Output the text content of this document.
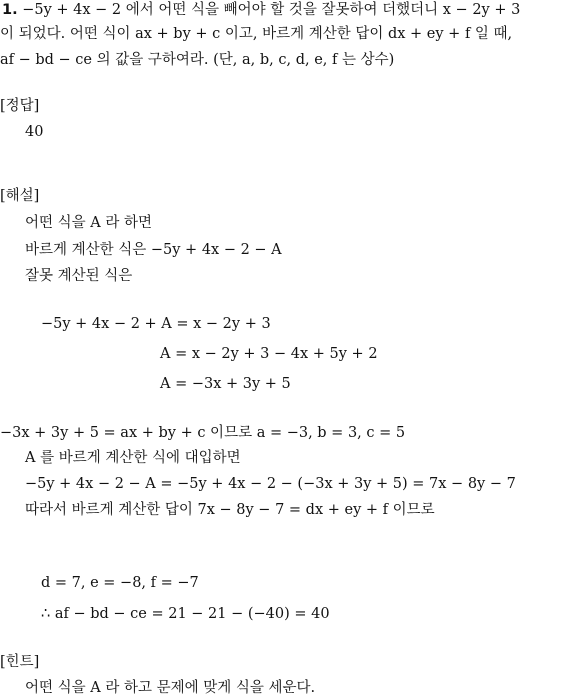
1. −5y + 4x − 2 에서 어떤 식을 빼어야 할 것을 잘못하여 더했더니 x − 2y + 3
이 되었다. 어떤 식이 ax + by + c 이고, 바르게 계산한 답이 dx + ey + f 일 때,
af − bd − ce 의 값을 구하여라. (단, a, b, c, d, e, f 는 상수)
[정답]
40
[해설]
어떤 식을 A 라 하면
바르게 계산한 식은 −5y + 4x − 2 − A
잘못 계산된 식은
−5y + 4x − 2 + A = x − 2y + 3
A = x − 2y + 3 − 4x + 5y + 2
A = −3x + 3y + 5
−3x + 3y + 5 = ax + by + c 이므로 a = −3, b = 3, c = 5
A 를 바르게 계산한 식에 대입하면
−5y + 4x − 2 − A = −5y + 4x − 2 − (−3x + 3y + 5) = 7x − 8y − 7
따라서 바르게 계산한 답이 7x − 8y − 7 = dx + ey + f 이므로
d = 7, e = −8, f = −7
∴ af − bd − ce = 21 − 21 − (−40) = 40
[힌트]
어떤 식을 A 라 하고 문제에 맞게 식을 세운다.
